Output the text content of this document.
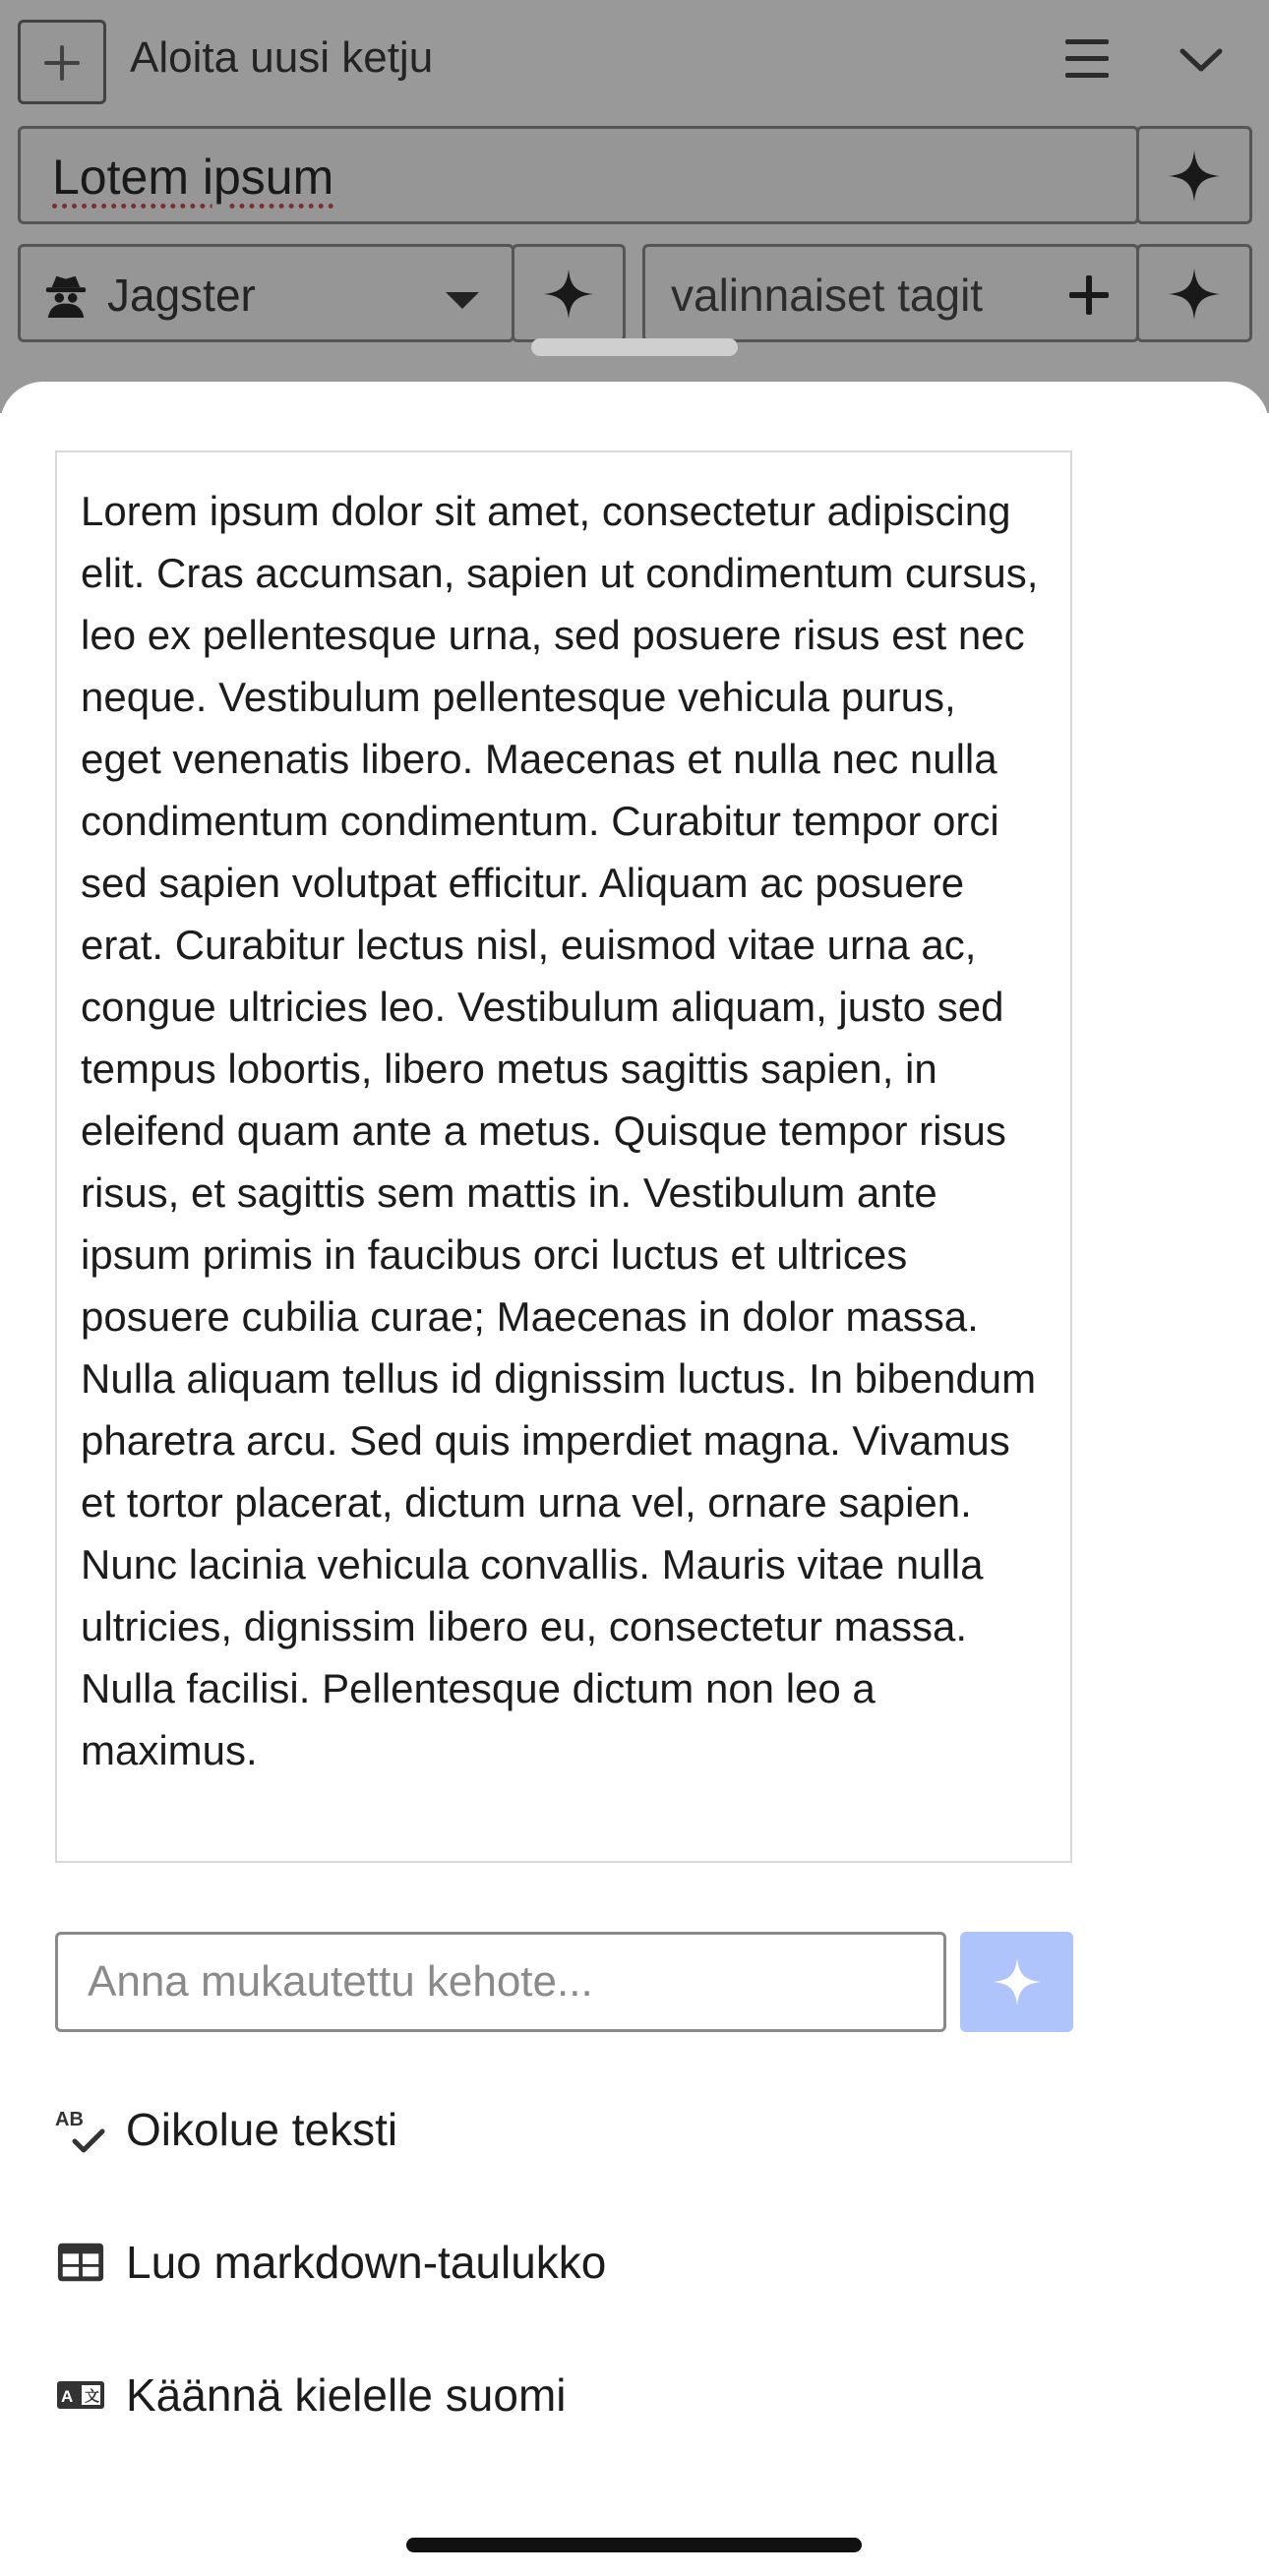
Aloita uusi ketju
Lotem ipsum
Jagster	valinnaiset tagit

Lorem ipsum dolor sit amet, consectetur adipiscing elit. Cras accumsan, sapien ut condimentum cursus, leo ex pellentesque urna, sed posuere risus est nec neque. Vestibulum pellentesque vehicula purus, eget venenatis libero. Maecenas et nulla nec nulla condimentum condimentum. Curabitur tempor orci sed sapien volutpat efficitur. Aliquam ac posuere erat. Curabitur lectus nisl, euismod vitae urna ac, congue ultricies leo. Vestibulum aliquam, justo sed tempus lobortis, libero metus sagittis sapien, in eleifend quam ante a metus. Quisque tempor risus risus, et sagittis sem mattis in. Vestibulum ante ipsum primis in faucibus orci luctus et ultrices posuere cubilia curae; Maecenas in dolor massa. Nulla aliquam tellus id dignissim luctus. In bibendum pharetra arcu. Sed quis imperdiet magna. Vivamus et tortor placerat, dictum urna vel, ornare sapien. Nunc lacinia vehicula convallis. Mauris vitae nulla ultricies, dignissim libero eu, consectetur massa. Nulla facilisi. Pellentesque dictum non leo a maximus.

Anna mukautettu kehote...
AB Oikolue teksti
Luo markdown-taulukko
A 文 Käännä kielelle suomi
